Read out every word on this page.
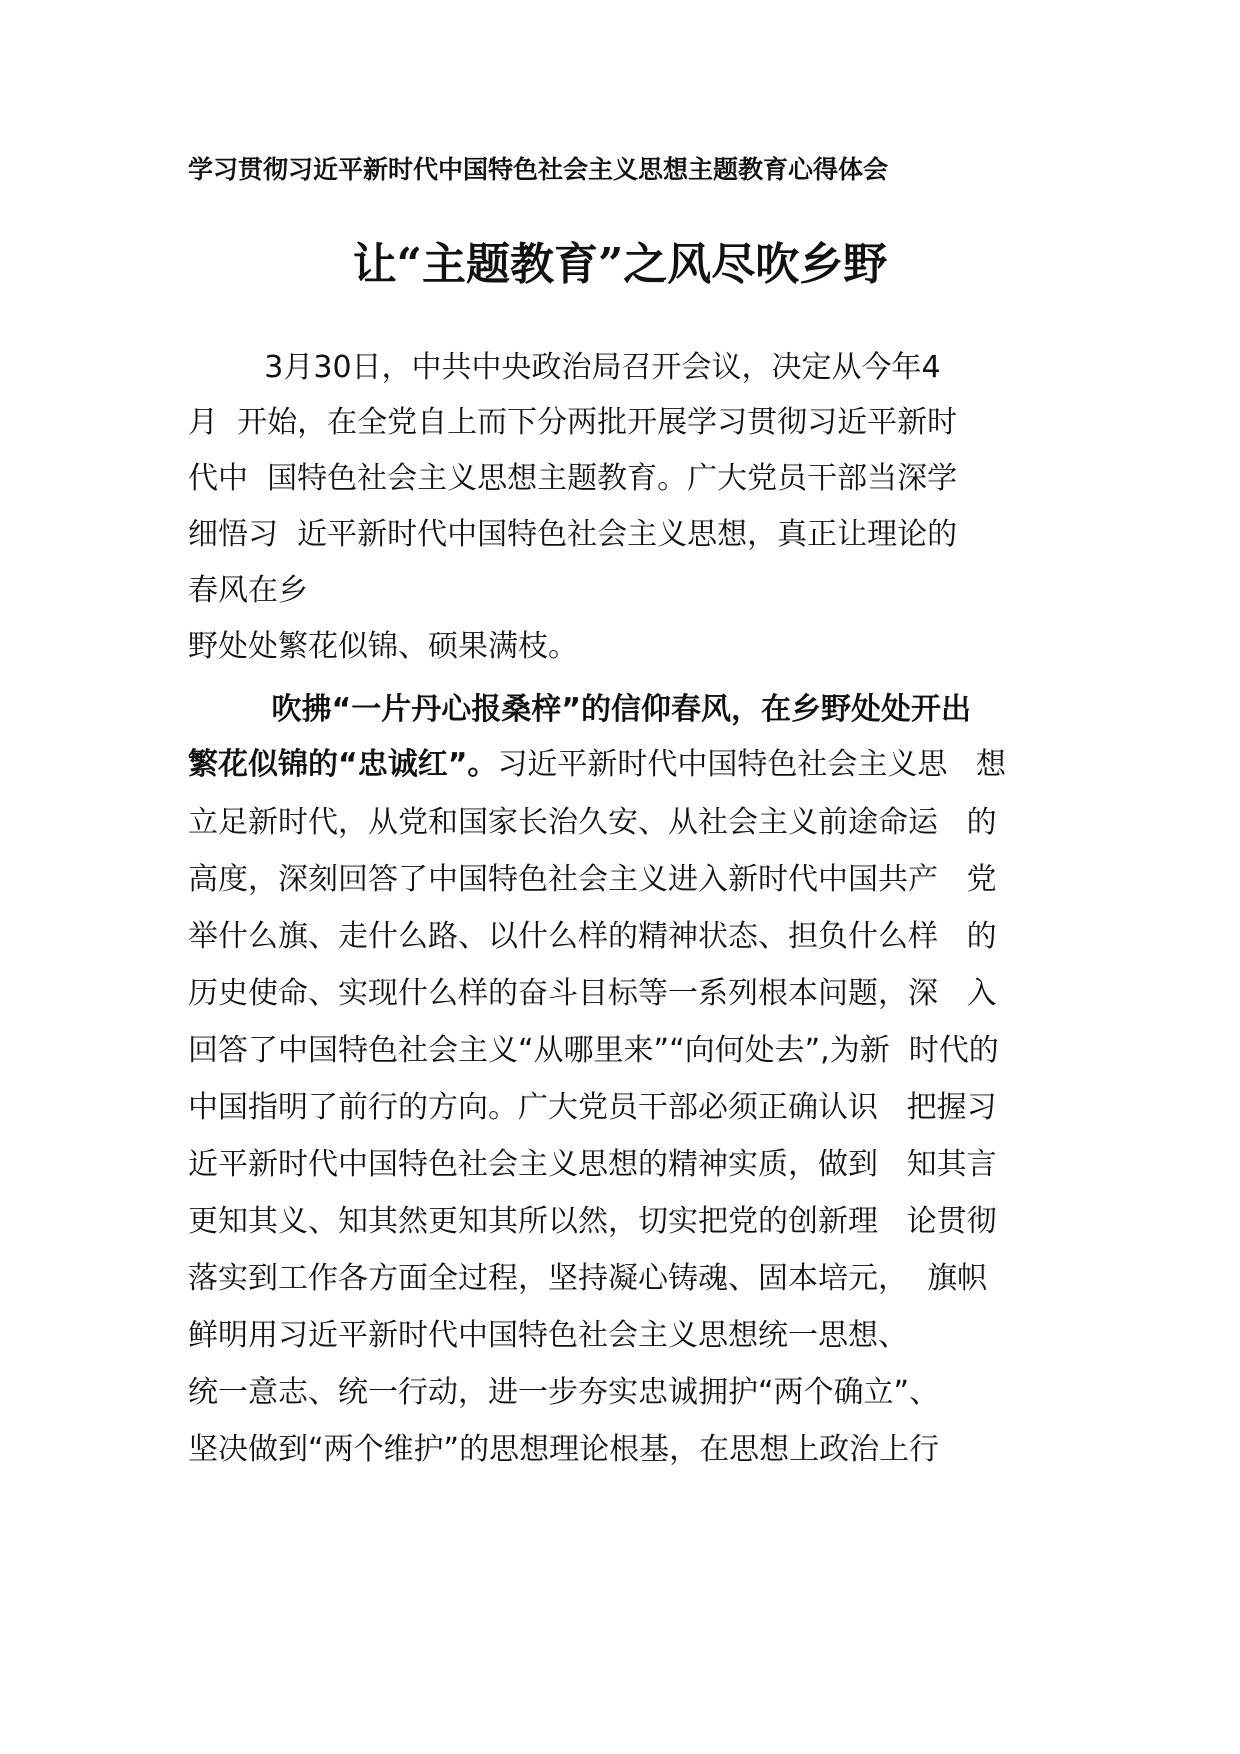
学习贯彻习近平新时代中国特色社会主义思想主题教育心得体会
让“主题教育”之风尽吹乡野
3月30日，中共中央政治局召开会议，决定从今年4
月  开始，在全党自上而下分两批开展学习贯彻习近平新时
代中  国特色社会主义思想主题教育。广大党员干部当深学
细悟习  近平新时代中国特色社会主义思想，真正让理论的
春风在乡
野处处繁花似锦、硕果满枝。
吹拂“一片丹心报桑梓”的信仰春风，在乡野处处开出
繁花似锦的“忠诚红”。习近平新时代中国特色社会主义思   想
立足新时代，从党和国家长治久安、从社会主义前途命运   的
高度，深刻回答了中国特色社会主义进入新时代中国共产   党
举什么旗、走什么路、以什么样的精神状态、担负什么样   的
历史使命、实现什么样的奋斗目标等一系列根本问题，深   入
回答了中国特色社会主义“从哪里来”“向何处去”,为新  时代的
中国指明了前行的方向。广大党员干部必须正确认识   把握习
近平新时代中国特色社会主义思想的精神实质，做到   知其言
更知其义、知其然更知其所以然，切实把党的创新理   论贯彻
落实到工作各方面全过程，坚持凝心铸魂、固本培元，  旗帜
鲜明用习近平新时代中国特色社会主义思想统一思想、
统一意志、统一行动，进一步夯实忠诚拥护“两个确立”、
坚决做到“两个维护”的思想理论根基，在思想上政治上行
